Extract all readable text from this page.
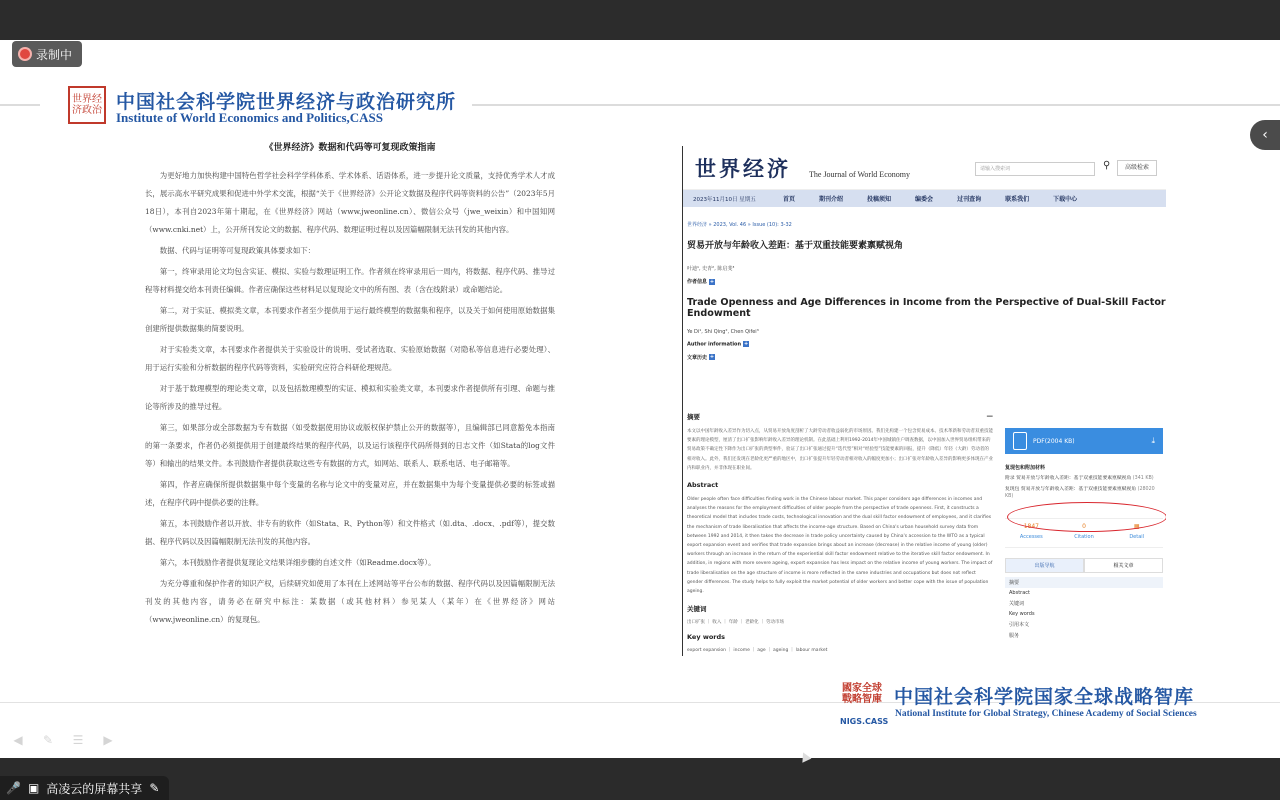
录制中
世界经济政治 中国社会科学院世界经济与政治研究所
Institute of World Economics and Politics,CASS
《世界经济》数据和代码等可复现政策指南

为更好地力加快构建中国特色哲学社会科学学科体系、学术体系、话语体系，进一步提升论文质量，支持优秀学术人才成长，展示高水平研究成果和促进中外学术交流，根据“关于《世界经济》公开论文数据及程序代码等资料的公告”（2023年5月18日），本刊自2023年第十期起，在《世界经济》网站（www.jweonline.cn）、微信公众号（jwe_weixin）和中国知网（www.cnki.net）上，公开所刊发论文的数据、程序代码、数理证明过程以及因篇幅限制无法刊发的其他内容。

数据、代码与证明等可复现政策具体要求如下：

第一，终审录用论文均包含实证、模拟、实验与数理证明工作。作者须在终审录用后一周内，将数据、程序代码、推导过程等材料提交给本刊责任编辑。作者应确保这些材料足以复现论文中的所有图、表（含在线附录）或命题结论。

第二，对于实证、模拟类文章，本刊要求作者至少提供用于运行最终模型的数据集和程序，以及关于如何使用原始数据集创建所提供数据集的简要说明。

对于实验类文章，本刊要求作者提供关于实验设计的说明、受试者选取、实验原始数据（对隐私等信息进行必要处理）、用于运行实验和分析数据的程序代码等资料，实验研究应符合科研伦理规范。

对于基于数理模型的理论类文章，以及包括数理模型的实证、模拟和实验类文章，本刊要求作者提供所有引理、命题与推论等所涉及的推导过程。

第三，如果部分或全部数据为专有数据（如受数据使用协议或版权保护禁止公开的数据等），且编辑部已同意豁免本指南的第一条要求，作者仍必须提供用于创建最终结果的程序代码，以及运行该程序代码所得到的日志文件（如Stata的log文件等）和输出的结果文件。本刊鼓励作者提供获取这些专有数据的方式，如网站、联系人、联系电话、电子邮箱等。

第四，作者应确保所提供数据集中每个变量的名称与论文中的变量对应，并在数据集中为每个变量提供必要的标签或描述，在程序代码中提供必要的注释。

第五，本刊鼓励作者以开放、非专有的软件（如Stata、R、Python等）和文件格式（如.dta、.docx、.pdf等），提交数据、程序代码以及因篇幅限制无法刊发的其他内容。

第六，本刊鼓励作者提供复现论文结果详细步骤的自述文件（如Readme.docx等）。

为充分尊重和保护作者的知识产权，后续研究如使用了本刊在上述网站等平台公布的数据、程序代码以及因篇幅限制无法刊发的其他内容，请务必在研究中标注：某数据（或其他材料）参见某人（某年）在《世界经济》网站（www.jweonline.cn）的复现包。

世界经济 The Journal of World Economy
请输入搜索词	⚲	高级检索
2023年11月10日 星期五	首页	期刊介绍	投稿须知	编委会	过刊查询	联系我们	下载中心
世界经济 » 2023, Vol. 46 » Issue (10): 3-32
贸易开放与年龄收入差距：基于双重技能要素禀赋视角
叶迪¹, 史青², 陈启斐³
作者信息 +
Trade Openness and Age Differences in Income from the Perspective of Dual-Skill Factor Endowment
Ye Di¹, Shi Qing², Chen Qifei³
Author information +
文章历史 +
摘要	—
本文以中国年龄收入差异作为切入点，从贸易开放角度剖析了大龄劳动者收益弱化的市场原因。我们先构建一个包含贸易成本、技术革新和劳动者双重技能要素的理论模型，厘清了出口扩张影响年龄收入差异的理论机制。在此基础上利用1992-2014年中国城镇住户调查数据，以中国加入世界贸易组织带来的贸易政策不确定性下降作为出口扩张的典型事件，验证了出口扩张通过提升“选代型”相对“经验型”技能要素的回报，提升（降低）年轻（大龄）劳动者的相对收入。此外，我们还发现在老龄化更严重的地区中，出口扩张提升年轻劳动者相对收入的幅度更加小；出口扩张对年龄收入差异的影响更多体现在产业内和职业内，并非体现在职业间。
Abstract
Older people often face difficulties finding work in the Chinese labour market. This paper considers age differences in incomes and analyses the reasons for the employment difficulties of older people from the perspective of trade openness. First, it constructs a theoretical model that includes trade costs, technological innovation and the dual skill factor endowment of employees, and it clarifies the mechanism of trade liberalisation that affects the income-age structure. Based on China's urban household survey data from between 1992 and 2014, it then takes the decrease in trade policy uncertainty caused by China's accession to the WTO as a typical export expansion event and verifies that trade expansion brings about an increase (decrease) in the relative income of young (older) workers through an increase in the return of the experiential skill factor endowment relative to the iterative skill factor endowment. In addition, in regions with more severe ageing, export expansion has less impact on the relative income of young workers. The impact of trade liberalisation on the age structure of income is more reflected in the same industries and occupations but does not reflect gender differences. The study helps to fully exploit the market potential of older workers and better cope with the issue of population ageing.
关键词
出口扩张 ｜ 收入 ｜ 年龄 ｜ 老龄化 ｜ 劳动市场
Key words
export expansion ｜ income ｜ age ｜ ageing ｜ labour market
PDF(2004 KB)	⤓
复现包和附加材料
附录 贸易开放与年龄收入差距：基于双重技能要素禀赋视角 (341 KB)
复现包 贸易开放与年龄收入差距：基于双重技能要素禀赋视角 (28020 KB)
1847
Accesses
0
Citation
▦
Detail
出版导航	相关文章
摘要
Abstract
关键词
Key words
引用本文
服务
國家全球戰略智庫
NIGS.CASS
中国社会科学院国家全球战略智库
National Institute for Global Strategy, Chinese Academy of Social Sciences
‹
◀	✎	☰	▶
🎤 ▣ 高凌云的屏幕共享 ✎
